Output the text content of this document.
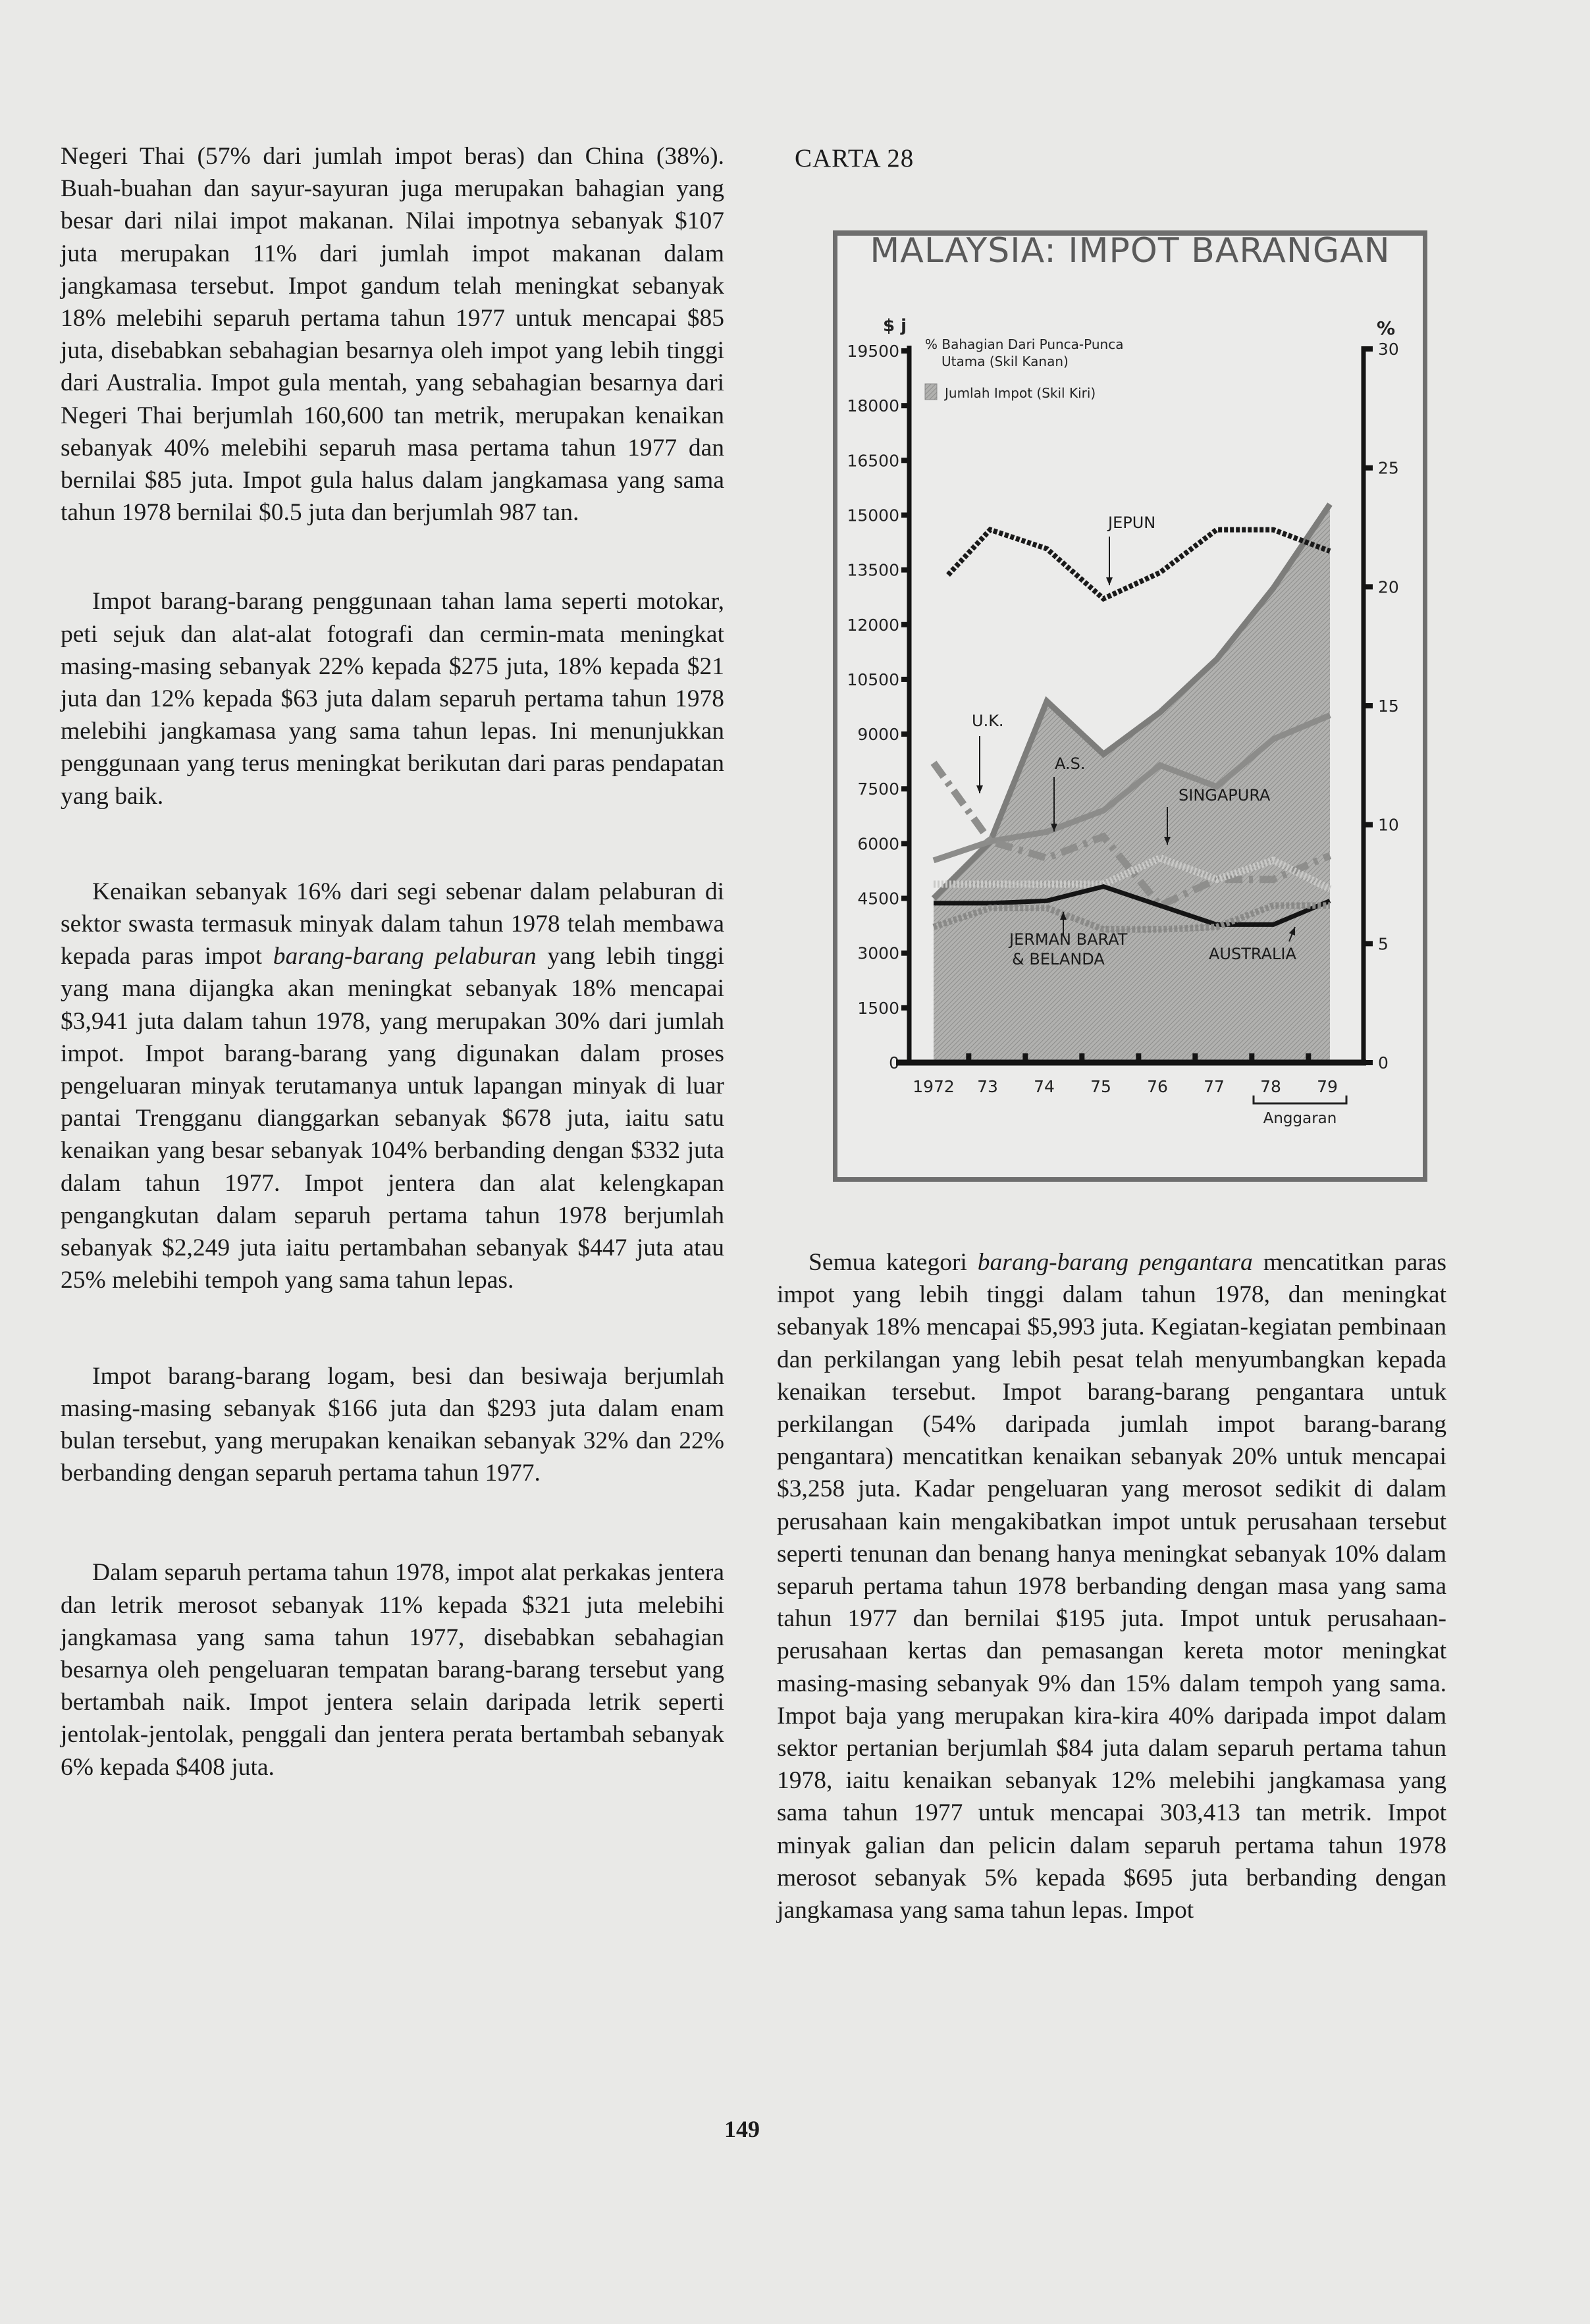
CARTA 28

Negeri Thai (57% dari jumlah impot beras) dan China (38%). Buah-buahan dan sayur-sayuran juga merupakan bahagian yang besar dari nilai impot makanan. Nilai impotnya sebanyak $107 juta merupakan 11% dari jumlah impot makanan dalam jangkamasa tersebut. Impot gandum telah meningkat sebanyak 18% melebihi separuh pertama tahun 1977 untuk mencapai $85 juta, disebabkan sebahagian besarnya oleh impot yang lebih tinggi dari Australia. Impot gula mentah, yang sebahagian besarnya dari Negeri Thai berjumlah 160,600 tan metrik, merupakan kenaikan sebanyak 40% melebihi separuh masa pertama tahun 1977 dan bernilai $85 juta. Impot gula halus dalam jangkamasa yang sama tahun 1978 bernilai $0.5 juta dan berjumlah 987 tan.

Impot barang-barang penggunaan tahan lama seperti motokar, peti sejuk dan alat-alat fotografi dan cermin-mata meningkat masing-masing sebanyak 22% kepada $275 juta, 18% kepada $21 juta dan 12% kepada $63 juta dalam separuh pertama tahun 1978 melebihi jangkamasa yang sama tahun lepas. Ini menunjukkan penggunaan yang terus meningkat berikutan dari paras pendapatan yang baik.

Kenaikan sebanyak 16% dari segi sebenar dalam pelaburan di sektor swasta termasuk minyak dalam tahun 1978 telah membawa kepada paras impot barang-barang pelaburan yang lebih tinggi yang mana dijangka akan meningkat sebanyak 18% mencapai $3,941 juta dalam tahun 1978, yang merupakan 30% dari jumlah impot. Impot barang-barang yang digunakan dalam proses pengeluaran minyak terutamanya untuk lapangan minyak di luar pantai Trengganu dianggarkan sebanyak $678 juta, iaitu satu kenaikan yang besar sebanyak 104% berbanding dengan $332 juta dalam tahun 1977. Impot jentera dan alat kelengkapan pengangkutan dalam separuh pertama tahun 1978 berjumlah sebanyak $2,249 juta iaitu pertambahan sebanyak $447 juta atau 25% melebihi tempoh yang sama tahun lepas.

Impot barang-barang logam, besi dan besiwaja berjumlah masing-masing sebanyak $166 juta dan $293 juta dalam enam bulan tersebut, yang merupakan kenaikan sebanyak 32% dan 22% berbanding dengan separuh pertama tahun 1977.

Dalam separuh pertama tahun 1978, impot alat perkakas jentera dan letrik merosot sebanyak 11% kepada $321 juta melebihi jangkamasa yang sama tahun 1977, disebabkan sebahagian besarnya oleh pengeluaran tempatan barang-barang tersebut yang bertambah naik. Impot jentera selain daripada letrik seperti jentolak-jentolak, penggali dan jentera perata bertambah sebanyak 6% kepada $408 juta.

Semua kategori barang-barang pengantara mencatitkan paras impot yang lebih tinggi dalam tahun 1978, dan meningkat sebanyak 18% mencapai $5,993 juta. Kegiatan-kegiatan pembinaan dan perkilangan yang lebih pesat telah menyumbangkan kepada kenaikan tersebut. Impot barang-barang pengantara untuk perkilangan (54% daripada jumlah impot barang-barang pengantara) mencatitkan kenaikan sebanyak 20% untuk mencapai $3,258 juta. Kadar pengeluaran yang merosot sedikit di dalam perusahaan kain mengakibatkan impot untuk perusahaan tersebut seperti tenunan dan benang hanya meningkat sebanyak 10% dalam separuh pertama tahun 1978 berbanding dengan masa yang sama tahun 1977 dan bernilai $195 juta. Impot untuk perusahaan-perusahaan kertas dan pemasangan kereta motor meningkat masing-masing sebanyak 9% dan 15% dalam tempoh yang sama. Impot baja yang merupakan kira-kira 40% daripada impot dalam sektor pertanian berjumlah $84 juta dalam separuh pertama tahun 1978, iaitu kenaikan sebanyak 12% melebihi jangkamasa yang sama tahun 1977 untuk mencapai 303,413 tan metrik. Impot minyak galian dan pelicin dalam separuh pertama tahun 1978 merosot sebanyak 5% kepada $695 juta berbanding dengan jangkamasa yang sama tahun lepas. Impot

MALAYSIA: IMPOT BARANGAN
0
1500
3000
4500
6000
7500
9000
10500
12000
13500
15000
16500
18000
19500
$ j
0
5
10
15
20
25
30
%
1972 73 74 75 76 77 78 79
Anggaran
% Bahagian Dari Punca-Punca
Utama (Skil Kanan)
Jumlah Impot (Skil Kiri)
JEPUN
U.K.
A.S.
SINGAPURA
JERMAN BARAT
& BELANDA	AUSTRALIA
149
